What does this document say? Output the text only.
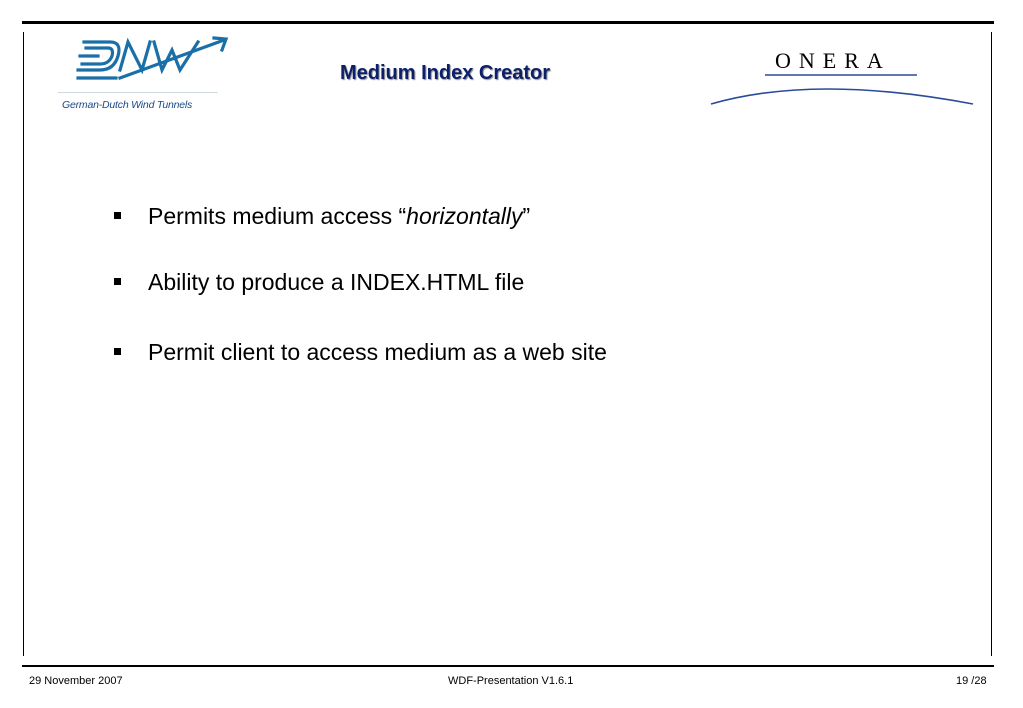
German-Dutch Wind Tunnels
Medium Index Creator	ONERA
Permits medium access “horizontally”
Ability to produce a INDEX.HTML file
Permit client to access medium as a web site
29 November 2007	WDF-Presentation V1.6.1	19 /28
